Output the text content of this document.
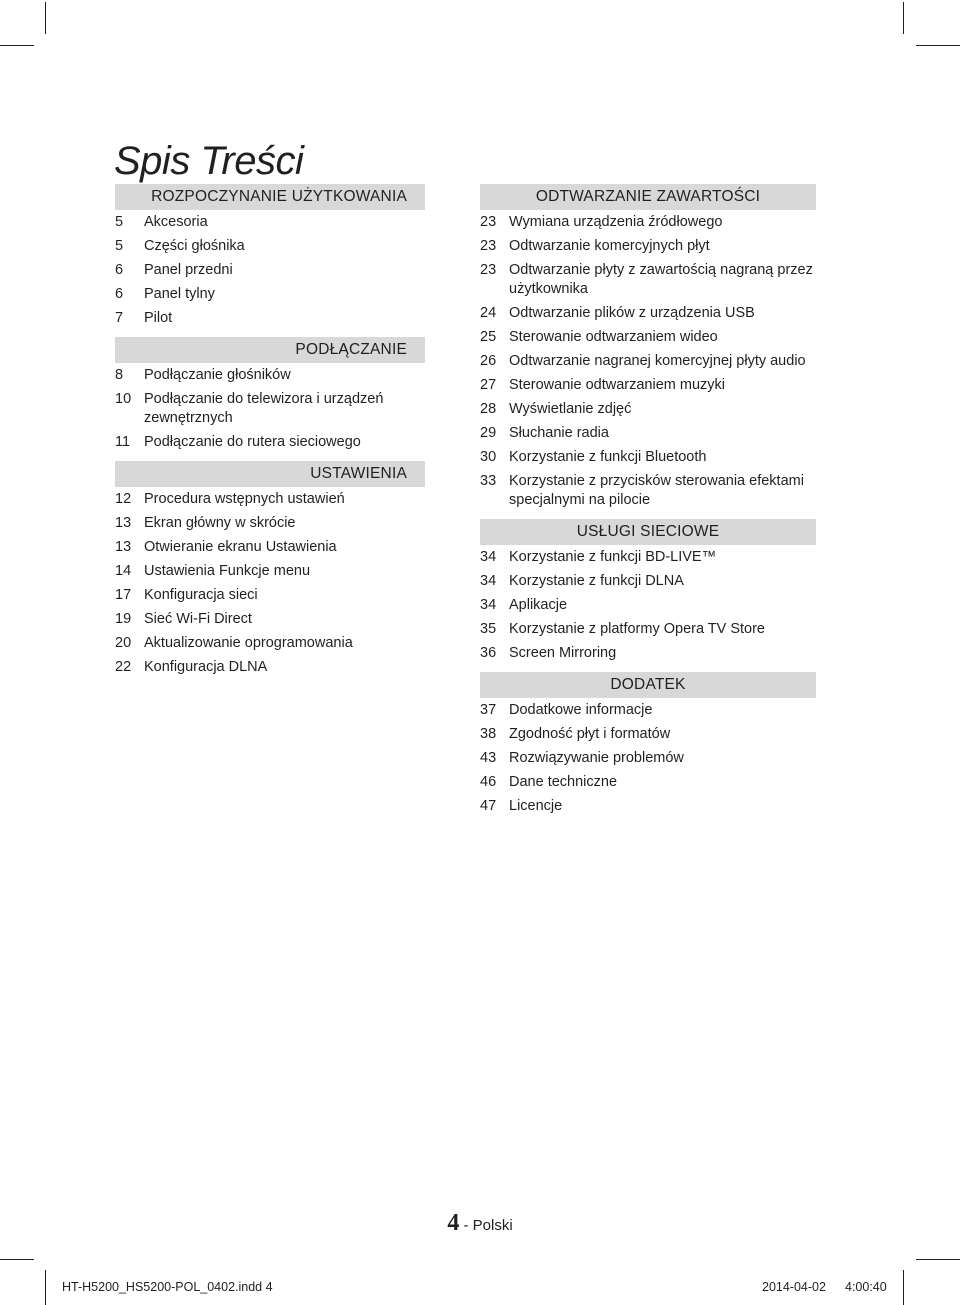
Spis Treści
ROZPOCZYNANIE UŻYTKOWANIA
5	Akcesoria
5	Części głośnika
6	Panel przedni
6	Panel tylny
7	Pilot
PODŁĄCZANIE
8	Podłączanie głośników
10 Podłączanie do telewizora i urządzeń zewnętrznych
11 Podłączanie do rutera sieciowego
USTAWIENIA
12 Procedura wstępnych ustawień
13 Ekran główny w skrócie
13 Otwieranie ekranu Ustawienia
14 Ustawienia Funkcje menu
17 Konfiguracja sieci
19 Sieć Wi-Fi Direct
20 Aktualizowanie oprogramowania
22 Konfiguracja DLNA
ODTWARZANIE ZAWARTOŚCI
23 Wymiana urządzenia źródłowego
23 Odtwarzanie komercyjnych płyt
23 Odtwarzanie płyty z zawartością nagraną przez użytkownika
24 Odtwarzanie plików z urządzenia USB
25 Sterowanie odtwarzaniem wideo
26 Odtwarzanie nagranej komercyjnej płyty audio
27 Sterowanie odtwarzaniem muzyki
28 Wyświetlanie zdjęć
29 Słuchanie radia
30 Korzystanie z funkcji Bluetooth
33 Korzystanie z przycisków sterowania efektami specjalnymi na pilocie
USŁUGI SIECIOWE
34 Korzystanie z funkcji BD-LIVE™
34 Korzystanie z funkcji DLNA
34 Aplikacje
35 Korzystanie z platformy Opera TV Store
36 Screen Mirroring
DODATEK
37 Dodatkowe informacje
38 Zgodność płyt i formatów
43 Rozwiązywanie problemów
46 Dane techniczne
47 Licencje
4 - Polski
HT-H5200_HS5200-POL_0402.indd 4	2014-04-02 4:00:40
